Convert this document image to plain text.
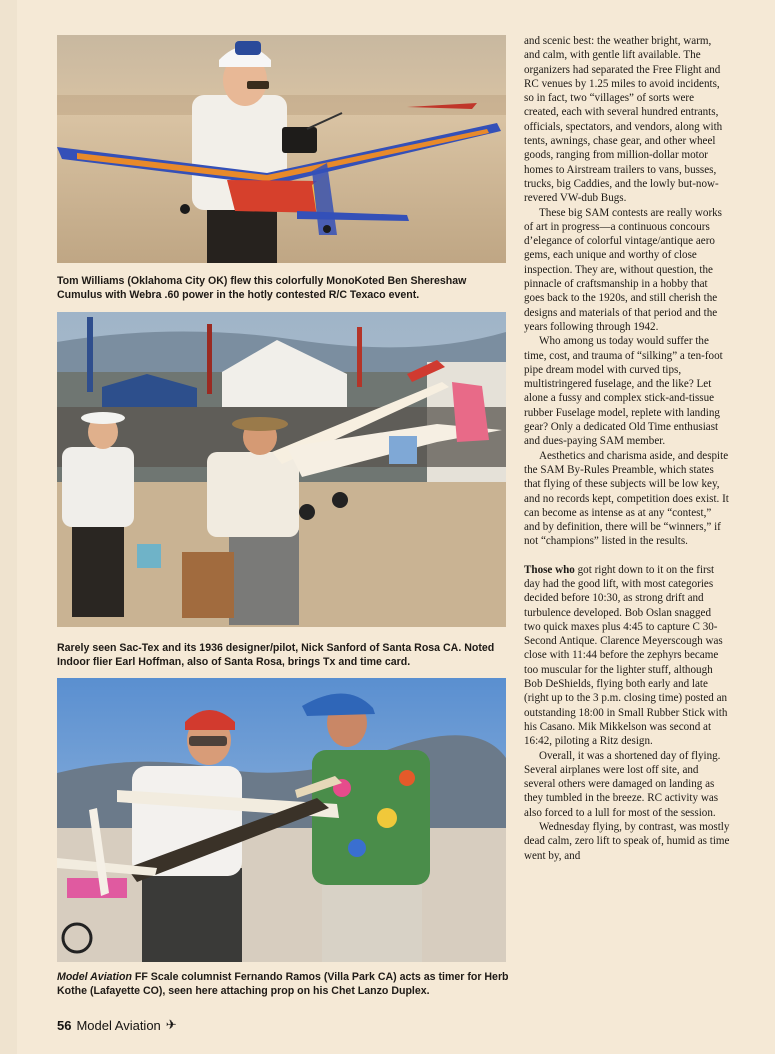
Tom Williams (Oklahoma City OK) flew this colorfully MonoKoted Ben Shereshaw Cumulus with Webra .60 power in the hotly contested R/C Texaco event.
Rarely seen Sac-Tex and its 1936 designer/pilot, Nick Sanford of Santa Rosa CA. Noted Indoor flier Earl Hoffman, also of Santa Rosa, brings Tx and time card.
Model Aviation FF Scale columnist Fernando Ramos (Villa Park CA) acts as timer for Herb Kothe (Lafayette CO), seen here attaching prop on his Chet Lanzo Duplex.

and scenic best: the weather bright, warm, and calm, with gentle lift available. The organizers had separated the Free Flight and RC venues by 1.25 miles to avoid incidents, so in fact, two “villages” of sorts were created, each with several hundred entrants, officials, spectators, and vendors, along with tents, awnings, chase gear, and other wheel goods, ranging from million-dollar motor homes to Airstream trailers to vans, busses, trucks, big Caddies, and the lowly but-now-revered VW-dub Bugs.

These big SAM contests are really works of art in progress—a continuous concours d’elegance of colorful vintage/antique aero gems, each unique and worthy of close inspection. They are, without question, the pinnacle of craftsmanship in a hobby that goes back to the 1920s, and still cherish the designs and materials of that period and the years following through 1942.

Who among us today would suffer the time, cost, and trauma of “silking” a ten-foot pipe dream model with curved tips, multistringered fuselage, and the like? Let alone a fussy and complex stick-and-tissue rubber Fuselage model, replete with landing gear? Only a dedicated Old Time enthusiast and dues-paying SAM member.

Aesthetics and charisma aside, and despite the SAM By-Rules Preamble, which states that flying of these subjects will be low key, and no records kept, competition does exist. It can become as intense as at any “contest,” and by definition, there will be “winners,” if not “champions” listed in the results.

Those who got right down to it on the first day had the good lift, with most categories decided before 10:30, as strong drift and turbulence developed. Bob Oslan snagged two quick maxes plus 4:45 to capture C 30-Second Antique. Clarence Meyerscough was close with 11:44 before the zephyrs became too muscular for the lighter stuff, although Bob DeShields, flying both early and late (right up to the 3 p.m. closing time) posted an outstanding 18:00 in Small Rubber Stick with his Casano. Mik Mikkelson was second at 16:42, piloting a Ritz design.

Overall, it was a shortened day of flying. Several airplanes were lost off site, and several others were damaged on landing as they tumbled in the breeze. RC activity was also forced to a lull for most of the session.

Wednesday flying, by contrast, was mostly dead calm, zero lift to speak of, humid as time went by, and

56 Model Aviation ✈
